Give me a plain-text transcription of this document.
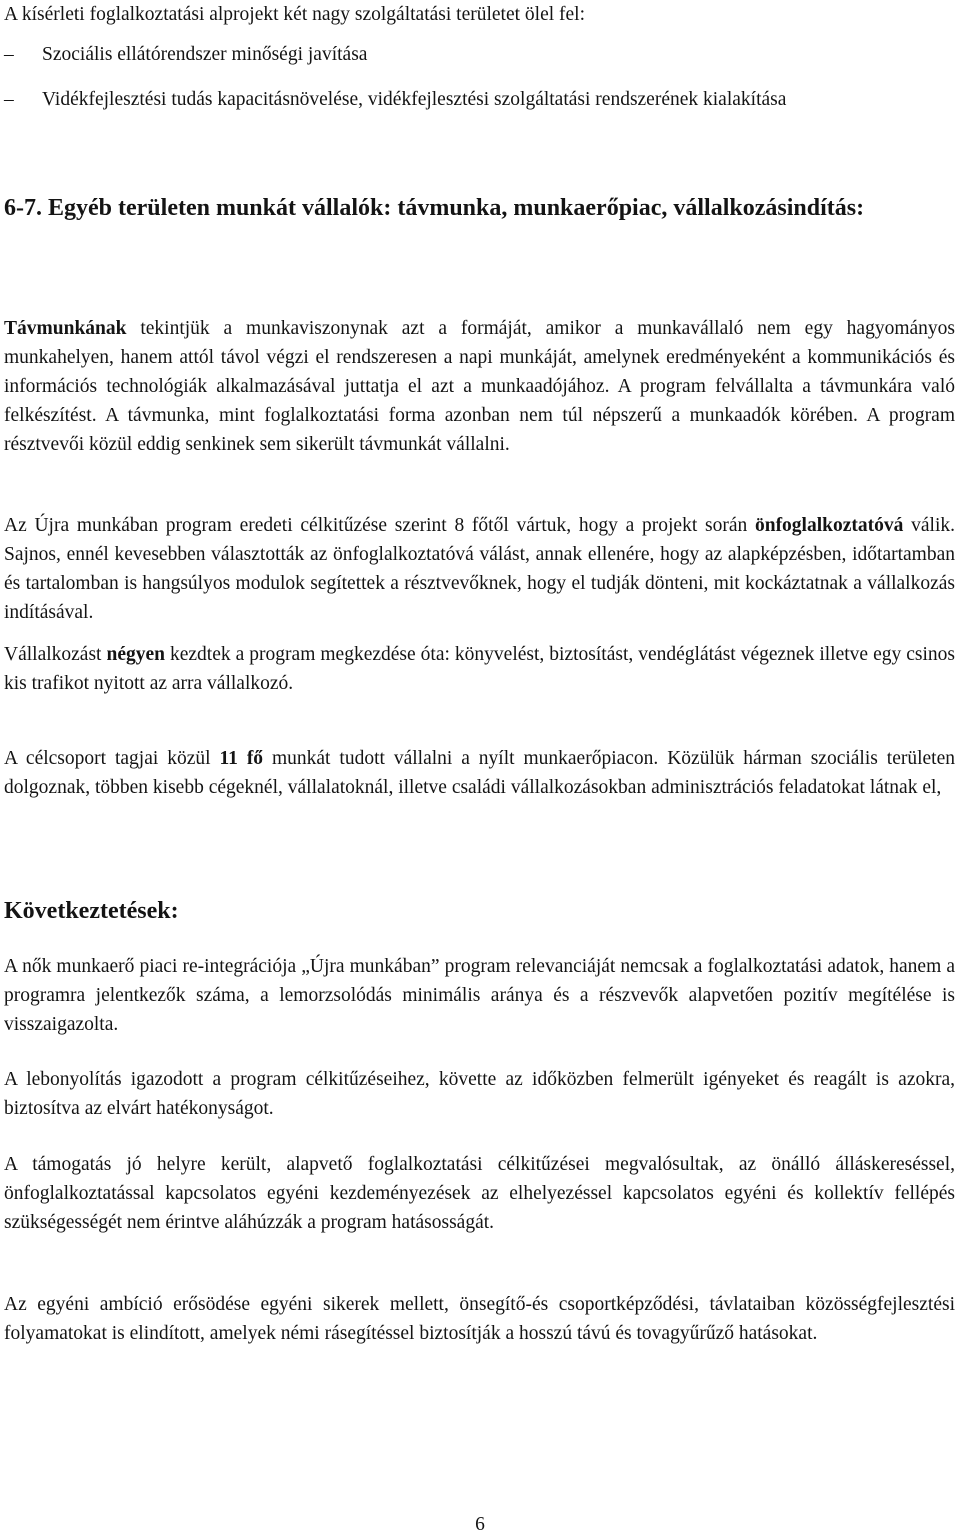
A kísérleti foglalkoztatási alprojekt két nagy szolgáltatási területet ölel fel:
–	Szociális ellátórendszer minőségi javítása
–	Vidékfejlesztési tudás kapacitásnövelése, vidékfejlesztési szolgáltatási rendszerének kialakítása
6-7. Egyéb területen munkát vállalók: távmunka, munkaerőpiac, vállalkozásindítás:
Távmunkának tekintjük a munkaviszonynak azt a formáját, amikor a munkavállaló nem egy hagyományos munkahelyen, hanem attól távol végzi el rendszeresen a napi munkáját, amelynek eredményeként a kommunikációs és információs technológiák alkalmazásával juttatja el azt a munkaadójához. A program felvállalta a távmunkára való felkészítést. A távmunka, mint foglalkoztatási forma azonban nem túl népszerű a munkaadók körében. A program résztvevői közül eddig senkinek sem sikerült távmunkát vállalni.
Az Újra munkában program eredeti célkitűzése szerint 8 főtől vártuk, hogy a projekt során önfoglalkoztatóvá válik. Sajnos, ennél kevesebben választották az önfoglalkoztatóvá válást, annak ellenére, hogy az alapképzésben, időtartamban és tartalomban is hangsúlyos modulok segítettek a résztvevőknek, hogy el tudják dönteni, mit kockáztatnak a vállalkozás indításával.
Vállalkozást négyen kezdtek a program megkezdése óta: könyvelést, biztosítást, vendéglátást végeznek illetve egy csinos kis trafikot nyitott az arra vállalkozó.
A célcsoport tagjai közül 11 fő munkát tudott vállalni a nyílt munkaerőpiacon. Közülük hárman szociális területen dolgoznak, többen kisebb cégeknél, vállalatoknál, illetve családi vállalkozásokban adminisztrációs feladatokat látnak el,
Következtetések:
A nők munkaerő piaci re-integrációja „Újra munkában” program relevanciáját nemcsak a foglalkoztatási adatok, hanem a programra jelentkezők száma, a lemorzsolódás minimális aránya és a részvevők alapvetően pozitív megítélése is visszaigazolta.
A lebonyolítás igazodott a program célkitűzéseihez, követte az időközben felmerült igényeket és reagált is azokra, biztosítva az elvárt hatékonyságot.
A támogatás jó helyre került, alapvető foglalkoztatási célkitűzései megvalósultak, az önálló álláskereséssel, önfoglalkoztatással kapcsolatos egyéni kezdeményezések az elhelyezéssel kapcsolatos egyéni és kollektív fellépés szükségességét nem érintve aláhúzzák a program hatásosságát.
Az egyéni ambíció erősödése egyéni sikerek mellett, önsegítő-és csoportképződési, távlataiban közösségfejlesztési folyamatokat is elindított, amelyek némi rásegítéssel biztosítják a hosszú távú és tovagyűrűző hatásokat.
6
